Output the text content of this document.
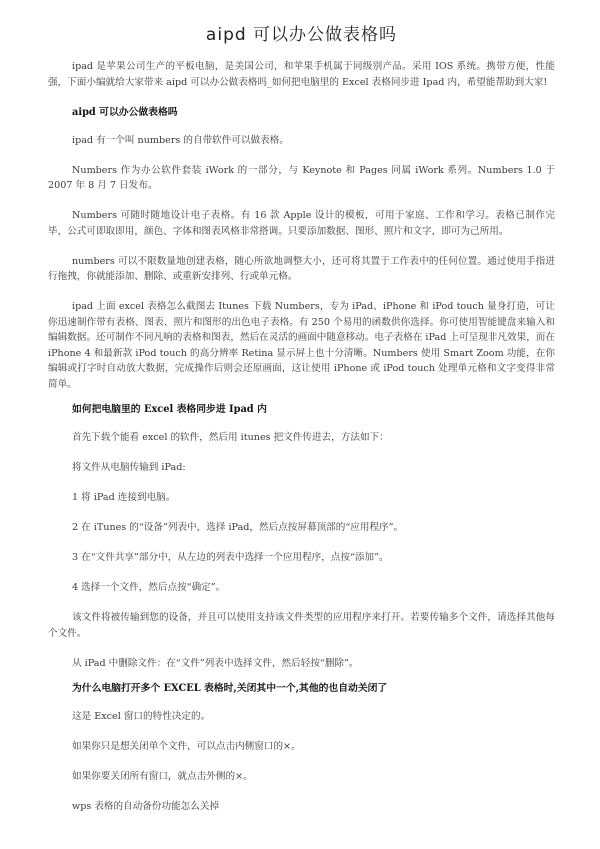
aipd 可以办公做表格吗

ipad 是苹果公司生产的平板电脑，是美国公司，和苹果手机属于同级别产品。采用 IOS 系统。携带方便，性能强，下面小编就给大家带来 aipd 可以办公做表格吗_如何把电脑里的 Excel 表格同步进 Ipad 内，希望能帮助到大家!

aipd 可以办公做表格吗

ipad 有一个叫 numbers 的自带软件可以做表格。

Numbers 作为办公软件套装 iWork 的一部分，与 Keynote 和 Pages 同属 iWork 系列。Numbers 1.0 于 2007 年 8 月 7 日发布。

Numbers 可随时随地设计电子表格。有 16 款 Apple 设计的模板，可用于家庭、工作和学习。表格已制作完毕，公式可即取即用，颜色、字体和图表风格非常搭调。只要添加数据、图形、照片和文字，即可为己所用。

numbers 可以不限数量地创建表格，随心所欲地调整大小，还可将其置于工作表中的任何位置。通过使用手指进行拖拽，你就能添加、删除、或重新安排列、行或单元格。

ipad 上面 excel 表格怎么截图去 Itunes 下载 Numbers，专为 iPad、iPhone 和 iPod touch 量身打造，可让你迅速制作带有表格、图表、照片和图形的出色电子表格。有 250 个易用的函数供你选择。你可使用智能键盘来输入和编辑数据。还可制作不同凡响的表格和图表，然后在灵活的画面中随意移动。电子表格在 iPad 上可呈现非凡效果，而在 iPhone 4 和最新款 iPod touch 的高分辨率 Retina 显示屏上也十分清晰。Numbers 使用 Smart Zoom 功能，在你编辑或打字时自动放大数据，完成操作后则会还原画面，这让使用 iPhone 或 iPod touch 处理单元格和文字变得非常简单。

如何把电脑里的 Excel 表格同步进 Ipad 内

首先下载个能看 excel 的软件，然后用 itunes 把文件传进去，方法如下：

将文件从电脑传输到 iPad:

1 将 iPad 连接到电脑。

2 在 iTunes 的“设备”列表中，选择 iPad，然后点按屏幕顶部的“应用程序”。

3 在“文件共享”部分中，从左边的列表中选择一个应用程序，点按“添加”。

4 选择一个文件，然后点按“确定”。

该文件将被传输到您的设备，并且可以使用支持该文件类型的应用程序来打开。若要传输多个文件，请选择其他每个文件。

从 iPad 中删除文件：在“文件”列表中选择文件，然后轻按“删除”。

为什么电脑打开多个 EXCEL 表格时,关闭其中一个,其他的也自动关闭了

这是 Excel 窗口的特性决定的。

如果你只是想关闭单个文件，可以点击内侧窗口的×。

如果你要关闭所有窗口，就点击外侧的×。

wps 表格的自动备份功能怎么关掉
